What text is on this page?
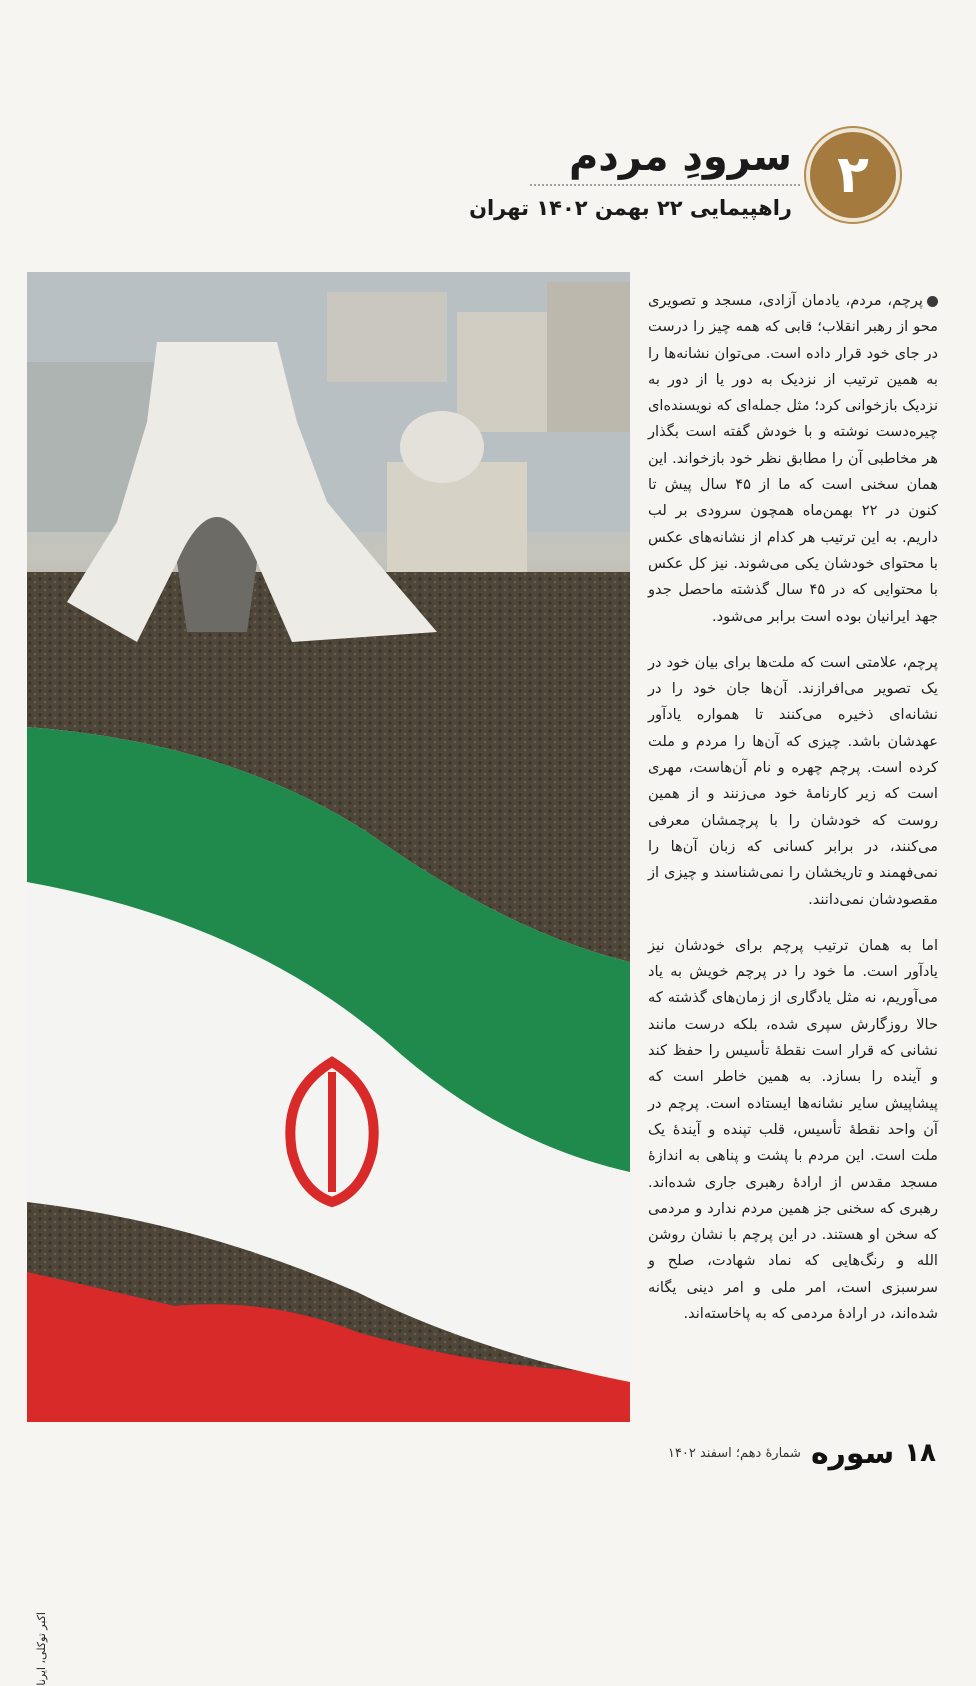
۲
سرودِ مردم
راهپیمایی ۲۲ بهمن ۱۴۰۲ تهران
اکبر توکلی، ایرنا

پرچم، مردم، یادمان آزادی، مسجد و تصویری محو از رهبر انقلاب؛ قابی که همه چیز را درست در جای خود قرار داده است. می‌توان نشانه‌ها را به همین ترتیب از نزدیک به دور یا از دور به نزدیک بازخوانی کرد؛ مثل جمله‌ای که نویسنده‌ای چیره‌دست نوشته و با خودش گفته است بگذار هر مخاطبی آن را مطابق نظر خود بازخواند. این همان سخنی است که ما از ۴۵ سال پیش تا کنون در ۲۲ بهمن‌ماه همچون سرودی بر لب داریم. به این ترتیب هر کدام از نشانه‌های عکس با محتوای خودشان یکی می‌شوند. نیز کل عکس با محتوایی که در ۴۵ سال گذشته ماحصل جدو جهد ایرانیان بوده است برابر می‌شود.

پرچم، علامتی است که ملت‌ها برای بیان خود در یک تصویر می‌افرازند. آن‌ها جان خود را در نشانه‌ای ذخیره می‌کنند تا همواره یادآور عهدشان باشد. چیزی که آن‌ها را مردم و ملت کرده است. پرچم چهره و نام آن‌هاست، مهری است که زیر کارنامهٔ خود می‌زنند و از همین روست که خودشان را با پرچمشان معرفی می‌کنند، در برابر کسانی که زبان آن‌ها را نمی‌فهمند و تاریخشان را نمی‌شناسند و چیزی از مقصودشان نمی‌دانند.

اما به همان ترتیب پرچم برای خودشان نیز یادآور است. ما خود را در پرچم خویش به یاد می‌آوریم، نه مثل یادگاری از زمان‌های گذشته که حالا روزگارش سپری شده، بلکه درست مانند نشانی که قرار است نقطهٔ تأسیس را حفظ کند و آینده را بسازد. به همین خاطر است که پیشاپیش سایر نشانه‌ها ایستاده است. پرچم در آن واحد نقطهٔ تأسیس، قلب تپنده و آیندهٔ یک ملت است. این مردم با پشت و پناهی به اندازهٔ مسجد مقدس از ارادهٔ رهبری جاری شده‌اند. رهبری که سخنی جز همین مردم ندارد و مردمی که سخن او هستند. در این پرچم با نشان روشن الله و رنگ‌هایی که نماد شهادت، صلح و سرسبزی است، امر ملی و امر دینی یگانه شده‌اند، در ارادهٔ مردمی که به پاخاسته‌اند.

۱۸
سوره
شمارهٔ دهم؛ اسفند ۱۴۰۲
